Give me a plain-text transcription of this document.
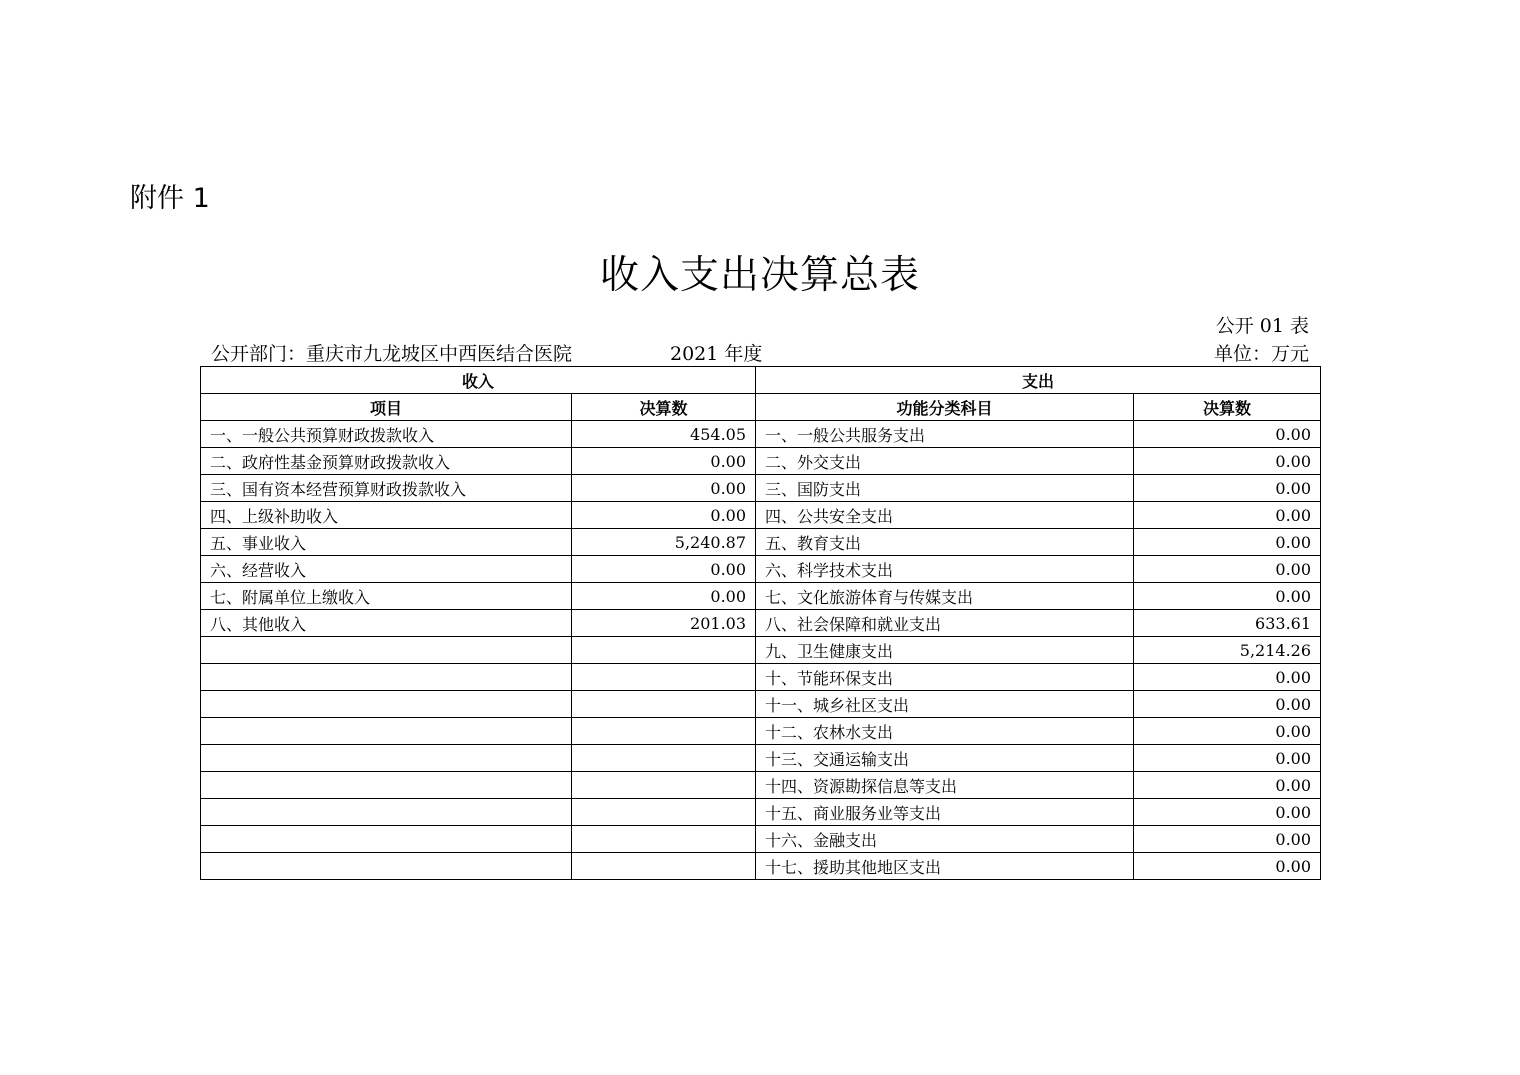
附件 1
收入支出决算总表
公开 01 表
公开部门：重庆市九龙坡区中西医结合医院	2021 年度	单位：万元
收入		支出	
项目	决算数	功能分类科目	决算数
一、一般公共预算财政拨款收入	454.05	一、一般公共服务支出	0.00
二、政府性基金预算财政拨款收入	0.00	二、外交支出	0.00
三、国有资本经营预算财政拨款收入	0.00	三、国防支出	0.00
四、上级补助收入	0.00	四、公共安全支出	0.00
五、事业收入	5,240.87	五、教育支出	0.00
六、经营收入	0.00	六、科学技术支出	0.00
七、附属单位上缴收入	0.00	七、文化旅游体育与传媒支出	0.00
八、其他收入	201.03	八、社会保障和就业支出	633.61
		九、卫生健康支出	5,214.26
		十、节能环保支出	0.00
		十一、城乡社区支出	0.00
		十二、农林水支出	0.00
		十三、交通运输支出	0.00
		十四、资源勘探信息等支出	0.00
		十五、商业服务业等支出	0.00
		十六、金融支出	0.00
		十七、援助其他地区支出	0.00
